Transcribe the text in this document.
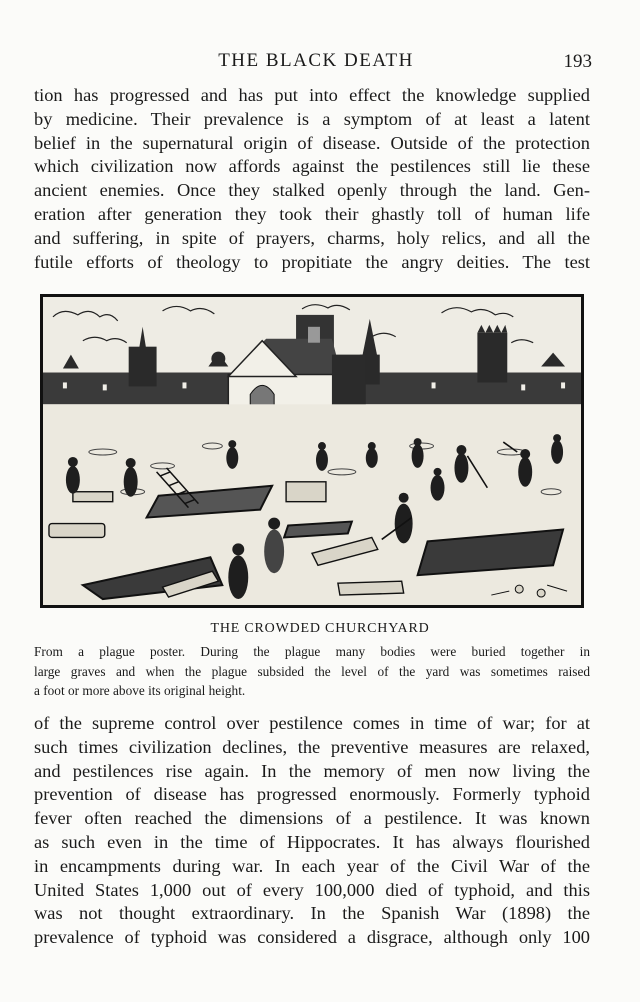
THE BLACK DEATH	193

tion has progressed and has put into effect the knowledge supplied
by medicine. Their prevalence is a symptom of at least a latent
belief in the supernatural origin of disease. Outside of the protection
which civilization now affords against the pestilences still lie these
ancient enemies. Once they stalked openly through the land. Gen-
eration after generation they took their ghastly toll of human life
and suffering, in spite of prayers, charms, holy relics, and all the
futile efforts of theology to propitiate the angry deities. The test

THE CROWDED CHURCHYARD

From a plague poster. During the plague many bodies were buried together in
large graves and when the plague subsided the level of the yard was sometimes raised
a foot or more above its original height.

of the supreme control over pestilence comes in time of war; for at
such times civilization declines, the preventive measures are relaxed,
and pestilences rise again. In the memory of men now living the
prevention of disease has progressed enormously. Formerly typhoid
fever often reached the dimensions of a pestilence. It was known
as such even in the time of Hippocrates. It has always flourished
in encampments during war. In each year of the Civil War of the
United States 1,000 out of every 100,000 died of typhoid, and this
was not thought extraordinary. In the Spanish War (1898) the
prevalence of typhoid was considered a disgrace, although only 100
